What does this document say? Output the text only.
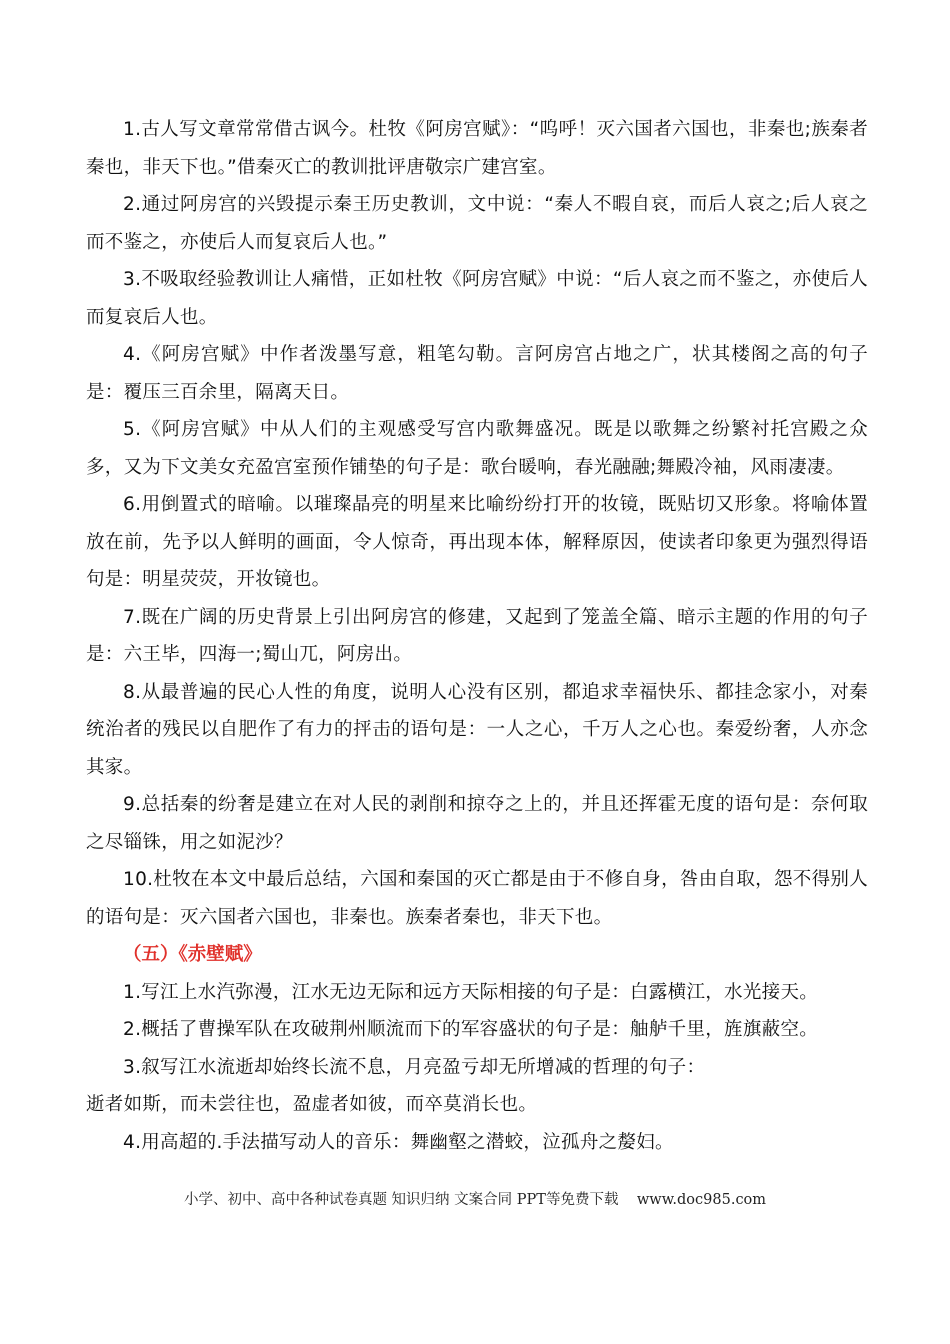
1.古人写文章常常借古讽今。杜牧《阿房宫赋》：“呜呼！灭六国者六国也，非秦也;族秦者秦也，非天下也。”借秦灭亡的教训批评唐敬宗广建宫室。

2.通过阿房宫的兴毁提示秦王历史教训，文中说：“秦人不暇自哀，而后人哀之;后人哀之而不鉴之，亦使后人而复哀后人也。”

3.不吸取经验教训让人痛惜，正如杜牧《阿房宫赋》中说：“后人哀之而不鉴之，亦使后人而复哀后人也。

4.《阿房宫赋》中作者泼墨写意，粗笔勾勒。言阿房宫占地之广，状其楼阁之高的句子是：覆压三百余里，隔离天日。

5.《阿房宫赋》中从人们的主观感受写宫内歌舞盛况。既是以歌舞之纷繁衬托宫殿之众多，又为下文美女充盈宫室预作铺垫的句子是：歌台暖响，春光融融;舞殿冷袖，风雨凄凄。

6.用倒置式的暗喻。以璀璨晶亮的明星来比喻纷纷打开的妆镜，既贴切又形象。将喻体置放在前，先予以人鲜明的画面，令人惊奇，再出现本体，解释原因，使读者印象更为强烈得语句是：明星荧荧，开妆镜也。

7.既在广阔的历史背景上引出阿房宫的修建，又起到了笼盖全篇、暗示主题的作用的句子是：六王毕，四海一;蜀山兀，阿房出。

8.从最普遍的民心人性的角度，说明人心没有区别，都追求幸福快乐、都挂念家小，对秦统治者的残民以自肥作了有力的抨击的语句是：一人之心，千万人之心也。秦爱纷奢，人亦念其家。

9.总括秦的纷奢是建立在对人民的剥削和掠夺之上的，并且还挥霍无度的语句是：奈何取之尽锱铢，用之如泥沙？

10.杜牧在本文中最后总结，六国和秦国的灭亡都是由于不修自身，咎由自取，怨不得别人的语句是：灭六国者六国也，非秦也。族秦者秦也，非天下也。

（五）《赤壁赋》

1.写江上水汽弥漫，江水无边无际和远方天际相接的句子是：白露横江，水光接天。

2.概括了曹操军队在攻破荆州顺流而下的军容盛状的句子是：舳舻千里，旌旗蔽空。

3.叙写江水流逝却始终长流不息，月亮盈亏却无所增减的哲理的句子：

逝者如斯，而未尝往也，盈虚者如彼，而卒莫消长也。

4.用高超的.手法描写动人的音乐：舞幽壑之潜蛟，泣孤舟之嫠妇。

小学、初中、高中各种试卷真题 知识归纳 文案合同 PPT等免费下载    www.doc985.com
